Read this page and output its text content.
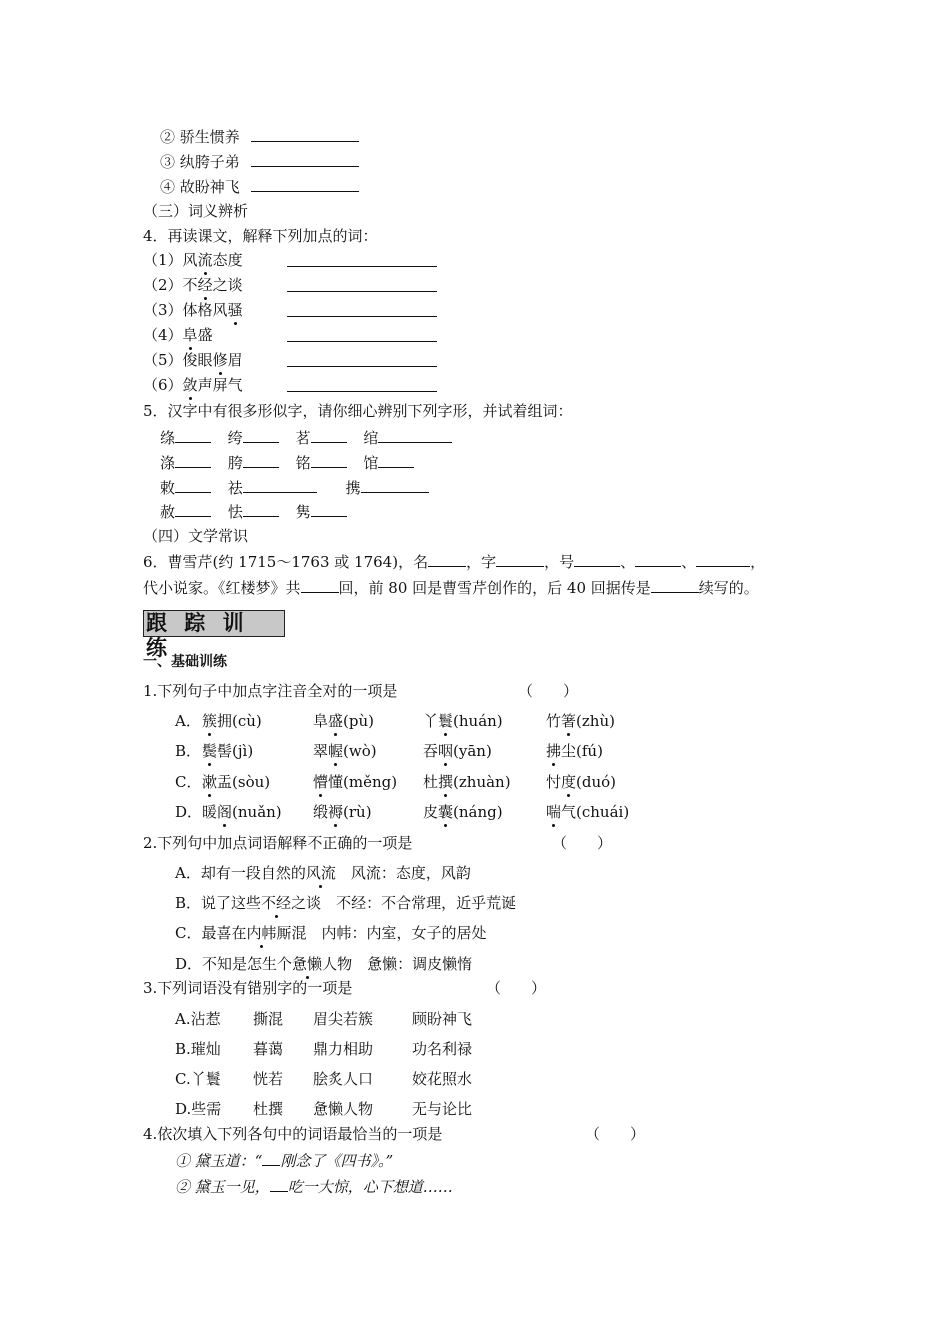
② 骄生惯养
③ 纨胯子弟
④ 故盼神飞
（三）词义辨析
4．再读课文，解释下列加点的词：
（1）风流态度
（2）不经之谈
（3）体格风骚
（4）阜盛
（5）俊眼修眉
（6）敛声屏气
5．汉字中有很多形似字，请你细心辨别下列字形，并试着组词：
绦	绔	茗	绾
涤	胯	铭	馆
敕	祛	携
赦	怯	隽
（四）文学常识
6．曹雪芹(约 1715～1763 或 1764)，名	，字	，号	、	、	，
代小说家。《红楼梦》共	回，前 80 回是曹雪芹创作的，后 40 回据传是	续写的。
跟 踪 训 练
一、基础训练
1.下列句子中加点字注音全对的一项是	（　　）
A． 簇拥(cù)	阜盛(pù)	丫鬟(huán)	竹箸(zhù)
B． 鬓髻(jì)	翠幄(wò)	吞咽(yān)	拂尘(fú)
C． 漱盂(sòu)	懵懂(měng) 杜撰(zhuàn) 忖度(duó)
D． 暖阁(nuǎn) 缎褥(rù)	皮囊(náng)	喘气(chuái)
2.下列句中加点词语解释不正确的一项是	（　　）
A．却有一段自然的风流　风流：态度，风韵
B．说了这些不经之谈　不经：不合常理，近乎荒诞
C．最喜在内帏厮混　内帏：内室，女子的居处
D．不知是怎生个惫懒人物　惫懒：调皮懒惰
3.下列词语没有错别字的一项是	（　　）
A.沾惹 撕混 眉尖若簇	顾盼神飞
B.璀灿 暮蔼 鼎力相助	功名利禄
C.丫鬟 恍若 脍炙人口	姣花照水
D.些需 杜撰 惫懒人物	无与论比
4.依次填入下列各句中的词语最恰当的一项是	（　　）
① 黛玉道：“ 刚念了《四书》。”
② 黛玉一见， 吃一大惊，心下想道……
